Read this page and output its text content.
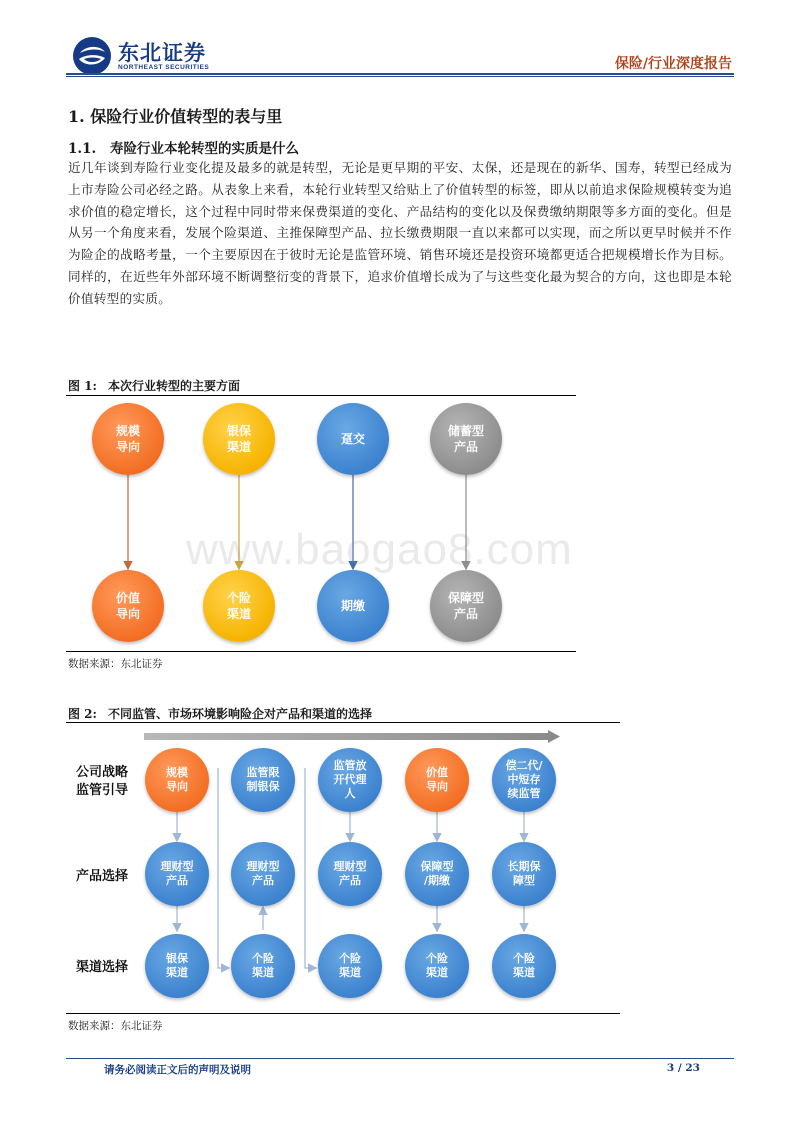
东北证券
NORTHEAST SECURITIES	保险/行业深度报告
1. 保险行业价值转型的表与里
1.1. 寿险行业本轮转型的实质是什么
近几年谈到寿险行业变化提及最多的就是转型，无论是更早期的平安、太保，还是现在的新华、国寿，转型已经成为上市寿险公司必经之路。从表象上来看，本轮行业转型又给贴上了价值转型的标签，即从以前追求保险规模转变为追求价值的稳定增长，这个过程中同时带来保费渠道的变化、产品结构的变化以及保费缴纳期限等多方面的变化。但是从另一个角度来看，发展个险渠道、主推保障型产品、拉长缴费期限一直以来都可以实现，而之所以更早时候并不作为险企的战略考量，一个主要原因在于彼时无论是监管环境、销售环境还是投资环境都更适合把规模增长作为目标。同样的，在近些年外部环境不断调整衍变的背景下，追求价值增长成为了与这些变化最为契合的方向，这也即是本轮价值转型的实质。
图 1: 本次行业转型的主要方面
规模
导向
银保
渠道
趸交
储蓄型
产品
价值
导向
个险
渠道
期缴
保障型
产品
数据来源：东北证券
图 2: 不同监管、市场环境影响险企对产品和渠道的选择
公司战略
监管引导
产品选择
渠道选择
规模
导向
监管限
制银保
监管放
开代理
人
价值
导向
偿二代/
中短存
续监管
理财型
产品
理财型
产品
理财型
产品
保障型
/期缴
长期保
障型
银保
渠道
个险
渠道
个险
渠道
个险
渠道
个险
渠道
数据来源：东北证券
www.baogao8.com
请务必阅读正文后的声明及说明	3 / 23
